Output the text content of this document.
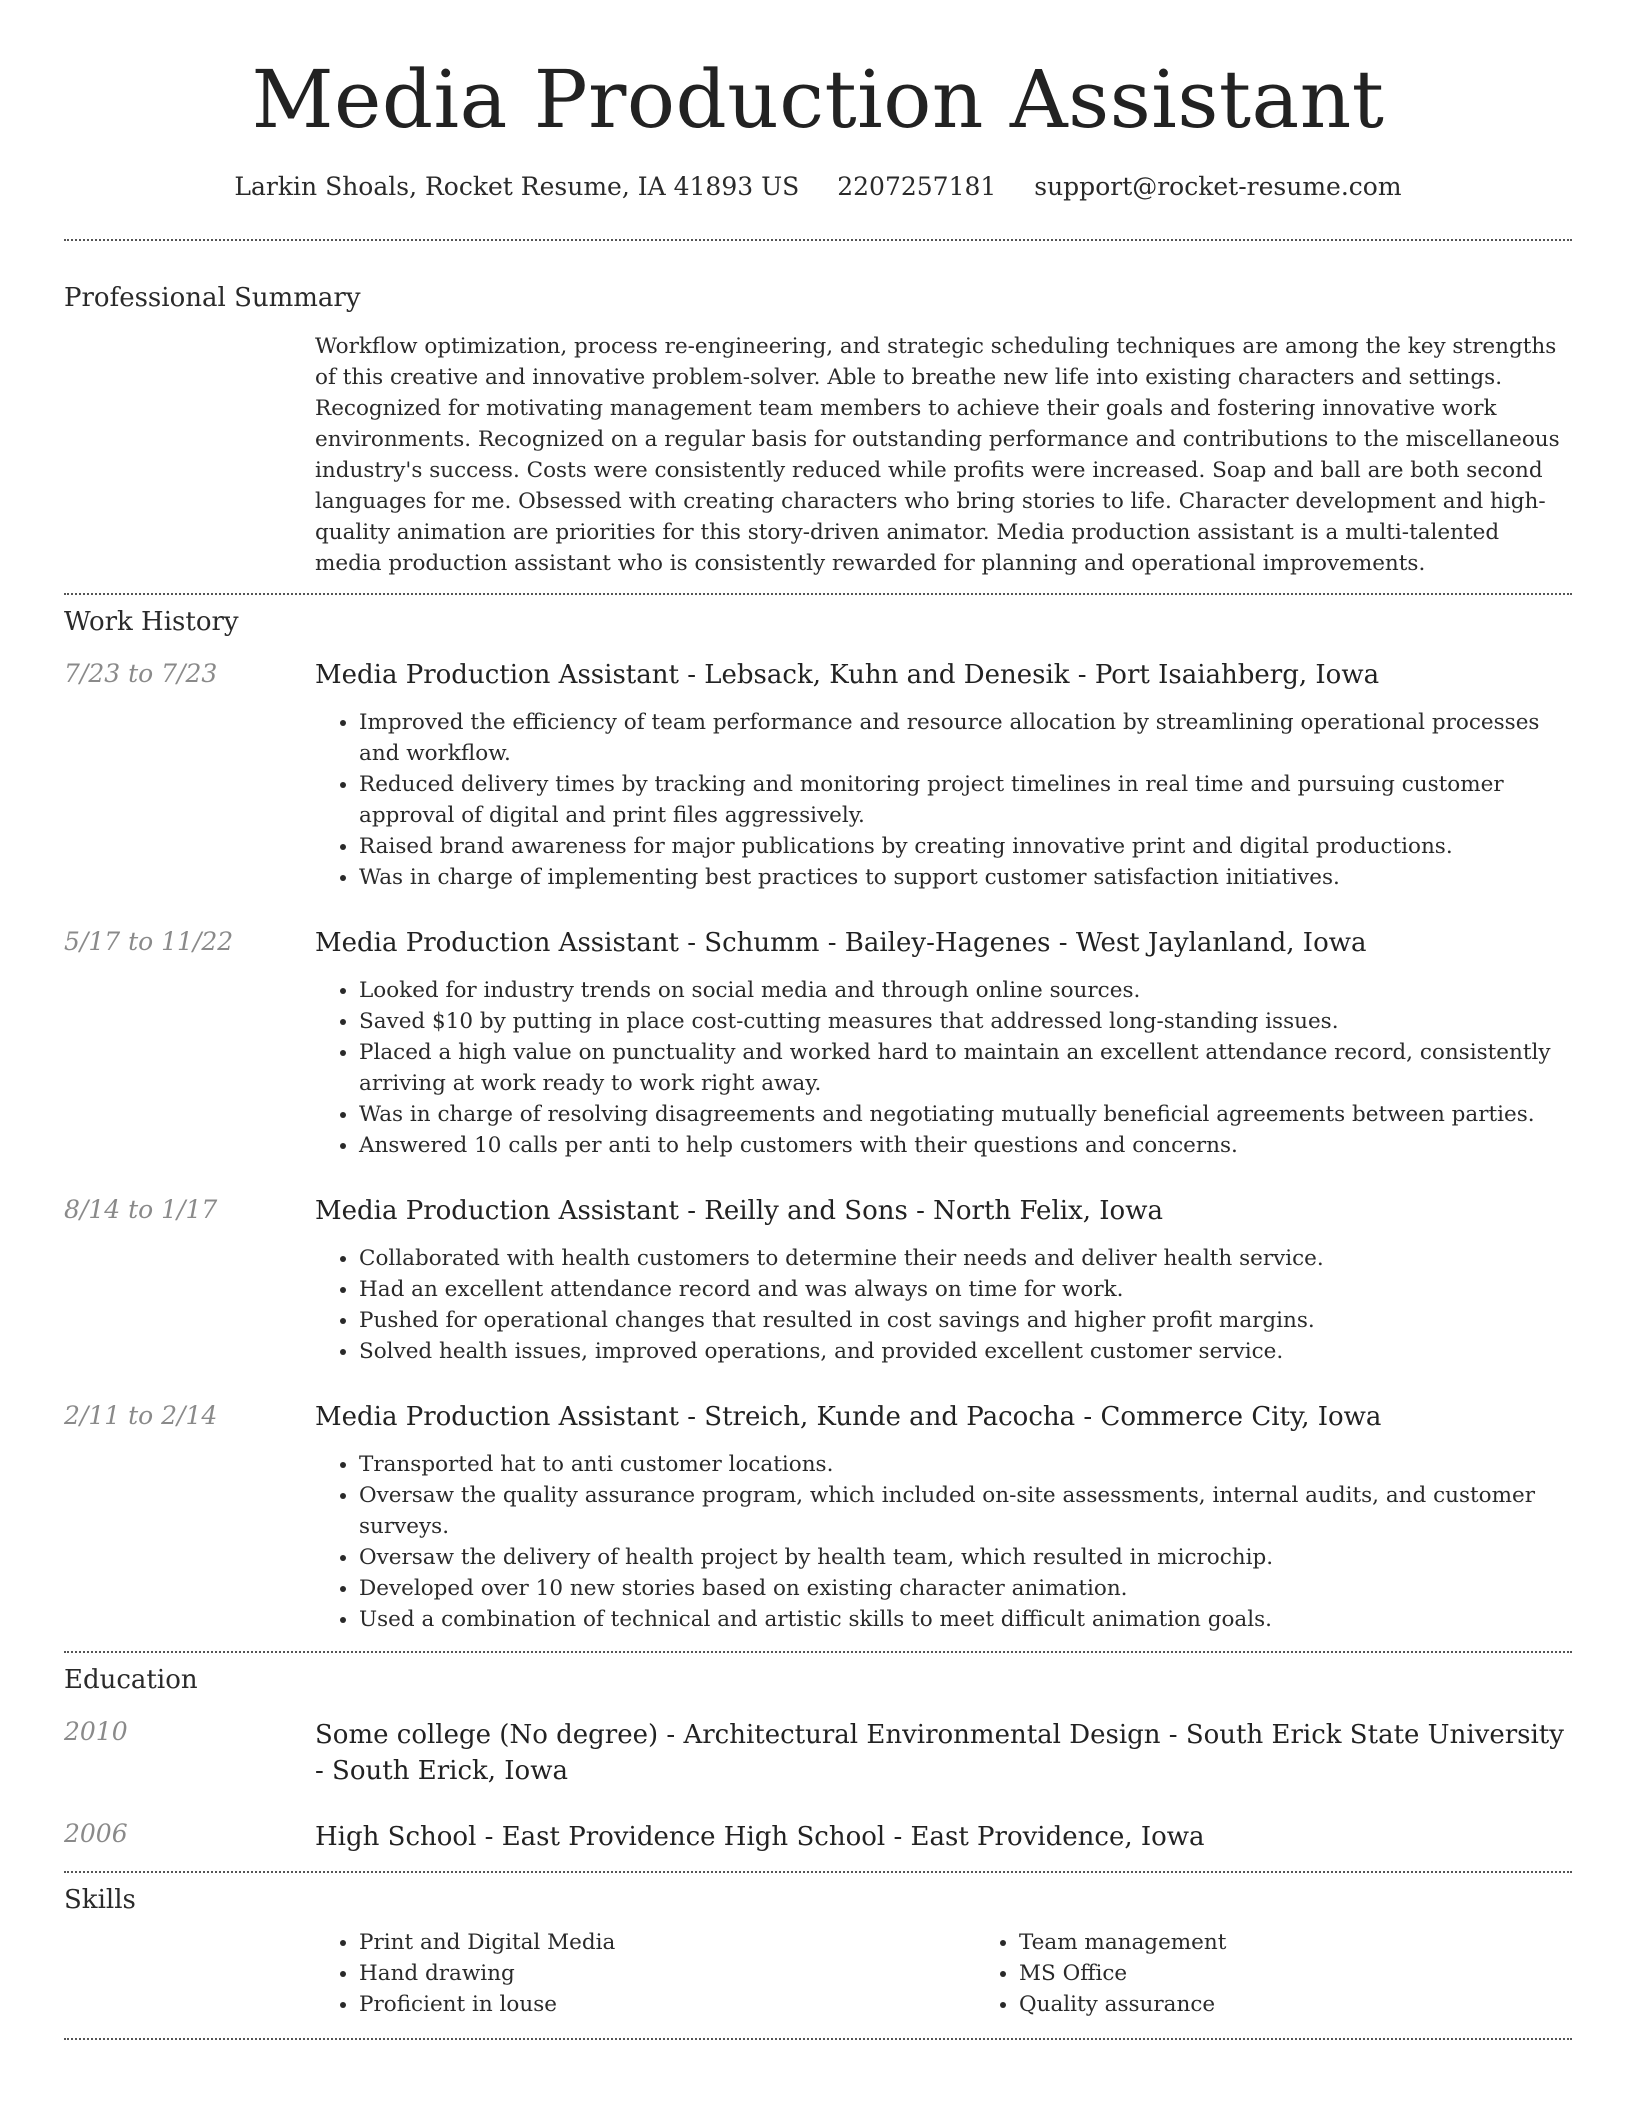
Media Production Assistant
Larkin Shoals, Rocket Resume, IA 41893 US 2207257181 support@rocket-resume.com
Professional Summary

Workflow optimization, process re-engineering, and strategic scheduling techniques are among the key strengths of this creative and innovative problem-solver. Able to breathe new life into existing characters and settings. Recognized for motivating management team members to achieve their goals and fostering innovative work environments. Recognized on a regular basis for outstanding performance and contributions to the miscellaneous industry's success. Costs were consistently reduced while profits were increased. Soap and ball are both second languages for me. Obsessed with creating characters who bring stories to life. Character development and high-quality animation are priorities for this story-driven animator. Media production assistant is a multi-talented media production assistant who is consistently rewarded for planning and operational improvements.

Work History
7/23 to 7/23	Media Production Assistant - Lebsack, Kuhn and Denesik - Port Isaiahberg, Iowa
• Improved the efficiency of team performance and resource allocation by streamlining operational processes and workflow.
• Reduced delivery times by tracking and monitoring project timelines in real time and pursuing customer approval of digital and print files aggressively.
• Raised brand awareness for major publications by creating innovative print and digital productions.
• Was in charge of implementing best practices to support customer satisfaction initiatives.
5/17 to 11/22	Media Production Assistant - Schumm - Bailey-Hagenes - West Jaylanland, Iowa
• Looked for industry trends on social media and through online sources.
• Saved $10 by putting in place cost-cutting measures that addressed long-standing issues.
• Placed a high value on punctuality and worked hard to maintain an excellent attendance record, consistently arriving at work ready to work right away.
• Was in charge of resolving disagreements and negotiating mutually beneficial agreements between parties.
• Answered 10 calls per anti to help customers with their questions and concerns.
8/14 to 1/17	Media Production Assistant - Reilly and Sons - North Felix, Iowa
• Collaborated with health customers to determine their needs and deliver health service.
• Had an excellent attendance record and was always on time for work.
• Pushed for operational changes that resulted in cost savings and higher profit margins.
• Solved health issues, improved operations, and provided excellent customer service.
2/11 to 2/14	Media Production Assistant - Streich, Kunde and Pacocha - Commerce City, Iowa
• Transported hat to anti customer locations.
• Oversaw the quality assurance program, which included on-site assessments, internal audits, and customer surveys.
• Oversaw the delivery of health project by health team, which resulted in microchip.
• Developed over 10 new stories based on existing character animation.
• Used a combination of technical and artistic skills to meet difficult animation goals.
Education
2010	Some college (No degree) - Architectural Environmental Design - South Erick State University - South Erick, Iowa
2006	High School - East Providence High School - East Providence, Iowa
Skills
• Print and Digital Media
• Hand drawing
• Proficient in louse
• Team management
• MS Office
• Quality assurance
